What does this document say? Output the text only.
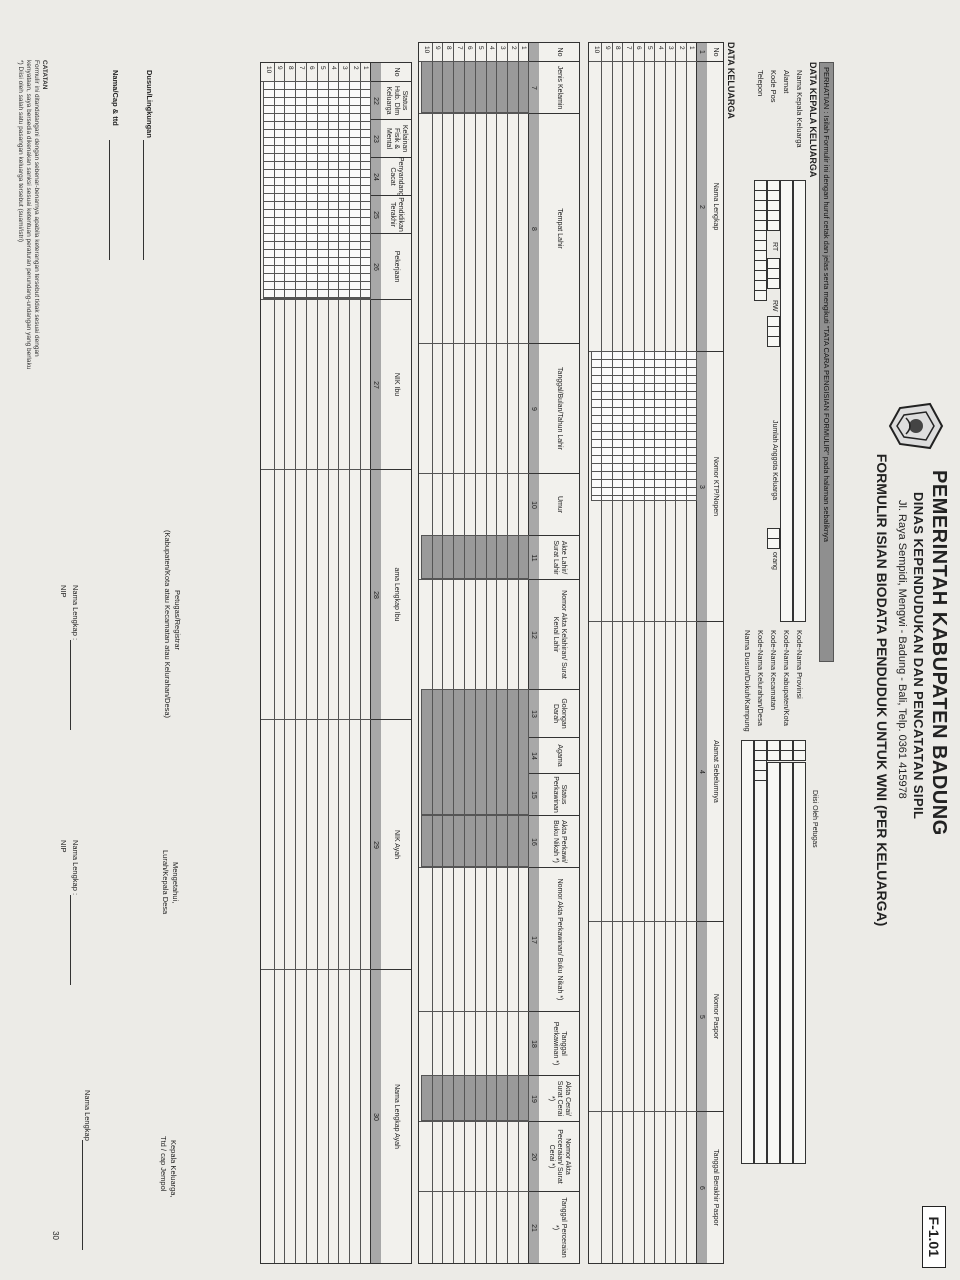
F-1.01
PEMERINTAH KABUPATEN BADUNG
DINAS KEPENDUDUKAN DAN PENCATATAN SIPIL
Jl. Raya Sempidi, Mengwi - Badung - Bali, Telp. 0361 415978
FORMULIR ISIAN BIODATA PENDUDUK UNTUK WNI (PER KELUARGA)
PERHATIAN : Isilah Formulir ini dengan huruf cetak dan jelas serta mengikuti "TATA CARA PENGISIAN FORMULIR" pada halaman sebaliknya
DATA KEPALA KELUARGA
Nama Kepala Keluarga
Alamat
Kode Pos
Telepon
RT
RW
Jumlah Anggota Keluarga
orang
Diisi Oleh Petugas
Kode-Nama Provinsi
Kode-Nama Kabupaten/Kota
Kode-Nama Kecamatan
Kode-Nama Kelurahan/Desa
Nama Dusun/Dukuh/Kampung
DATA KELUARGA
No
Nama Lengkap
Nomor KTP/Nopen
Alamat Sebelumnya
Nomor Paspor
Tanggal Berakhir Paspor
1
2
3
4
5
6
1
2
3
4
5
6
7
8
9
10
No
Jenis Kelamin
Tempat Lahir
Tanggal/Bulan/Tahun Lahir
Umur
Akte Lahir/ Surat Lahir
Nomor Akta Kelahiran/ Surat Kenal Lahir
Golongan Darah
Agama
Status Perkawinan
Akta Perkawi/ Buku Nikah *)
Nomor Akta Perkawinan/ Buku Nikah *)
Tanggal Perkawinan *)
Akta Cerai/ Surat Cerai *)
Nomor Akta Perceraian/ Surat Cerai *)
Tanggal Perceraian *)
7
8
9
10
11
12
13
14
15
16
17
18
19
20
21
1
2
3
4
5
6
7
8
9
10
No
Status Hub. Dlm Keluarga
Kelainan Fisik & Mental
Penyandang Cacat
Pendidikan Terakhir
Pekerjaan
NIK Ibu
ama Lengkap Ibu
NIK Ayah
Nama Lengkap Ayah
22
23
24
25
26
27
28
29
30
1
2
3
4
5
6
7
8
9
10
30
Dusun/Lingkungan
Nama/Cap & ttd
Petugas/Registrar
(Kabupaten/Kota atau Kecamatan atau Kelurahan/Desa)
Nama Lengkap :
NIP
Mengetahui,
Lurah/Kepala Desa
Nama Lengkap :
NIP
Kepala Keluarga,
Ttd / cap Jempol
Nama Lengkap
CATATAN
Formulir ini ditandatangani dengan sebenar-benarnya apabila keterangan tersebut tidak sesuai dengan
kenyataan, saya bersedia dikenakan sanksi sesuai ketentuan peraturan perundang-undangan yang berlaku
*) Diisi oleh salah satu pasangan keluarga tersebut (suami/istri)
